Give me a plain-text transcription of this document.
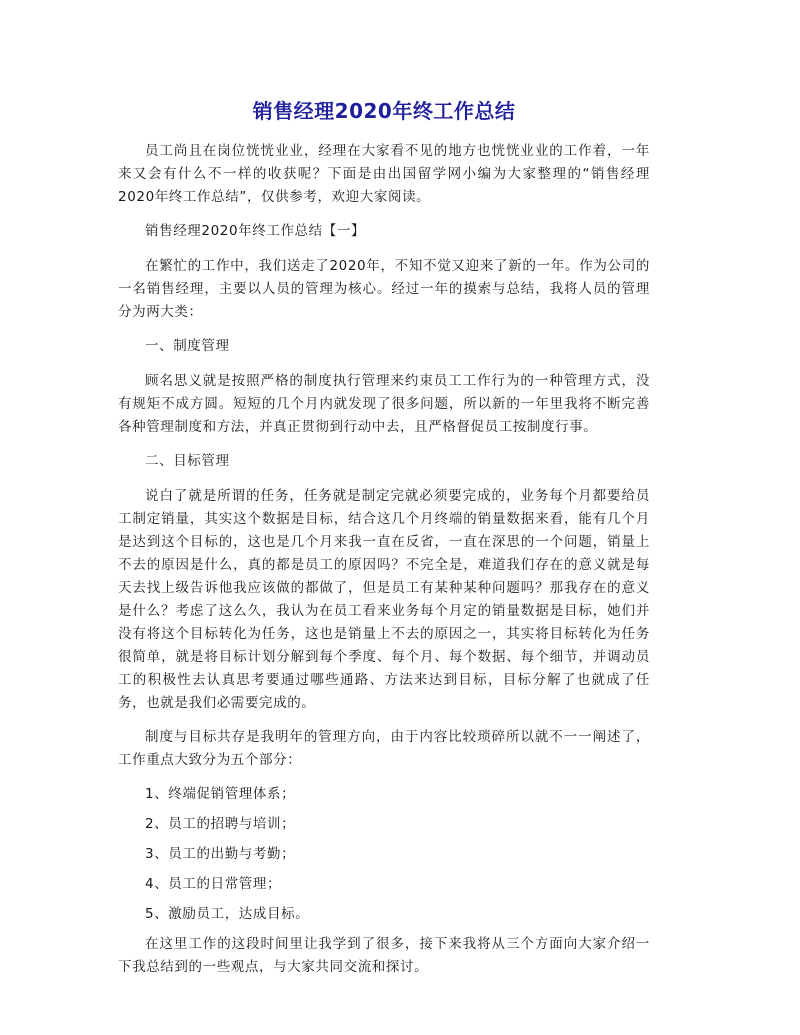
销售经理2020年终工作总结

员工尚且在岗位恍恍业业，经理在大家看不见的地方也恍恍业业的工作着，一年来又会有什么不一样的收获呢？下面是由出国留学网小编为大家整理的“销售经理2020年终工作总结”，仅供参考，欢迎大家阅读。

销售经理2020年终工作总结【一】

在繁忙的工作中，我们送走了2020年，不知不觉又迎来了新的一年。作为公司的一名销售经理，主要以人员的管理为核心。经过一年的摸索与总结，我将人员的管理分为两大类：

一、制度管理

顾名思义就是按照严格的制度执行管理来约束员工工作行为的一种管理方式，没有规矩不成方圆。短短的几个月内就发现了很多问题，所以新的一年里我将不断完善各种管理制度和方法，并真正贯彻到行动中去，且严格督促员工按制度行事。

二、目标管理

说白了就是所谓的任务，任务就是制定完就必须要完成的，业务每个月都要给员工制定销量，其实这个数据是目标，结合这几个月终端的销量数据来看，能有几个月是达到这个目标的，这也是几个月来我一直在反省，一直在深思的一个问题，销量上不去的原因是什么，真的都是员工的原因吗？不完全是，难道我们存在的意义就是每天去找上级告诉他我应该做的都做了，但是员工有某种某种问题吗？那我存在的意义是什么？考虑了这么久，我认为在员工看来业务每个月定的销量数据是目标，她们并没有将这个目标转化为任务，这也是销量上不去的原因之一，其实将目标转化为任务很简单，就是将目标计划分解到每个季度、每个月、每个数据、每个细节，并调动员工的积极性去认真思考要通过哪些通路、方法来达到目标，目标分解了也就成了任务，也就是我们必需要完成的。

制度与目标共存是我明年的管理方向，由于内容比较琐碎所以就不一一阐述了，工作重点大致分为五个部分：

1、终端促销管理体系；

2、员工的招聘与培训；

3、员工的出勤与考勤；

4、员工的日常管理；

5、激励员工，达成目标。

在这里工作的这段时间里让我学到了很多，接下来我将从三个方面向大家介绍一下我总结到的一些观点，与大家共同交流和探讨。
